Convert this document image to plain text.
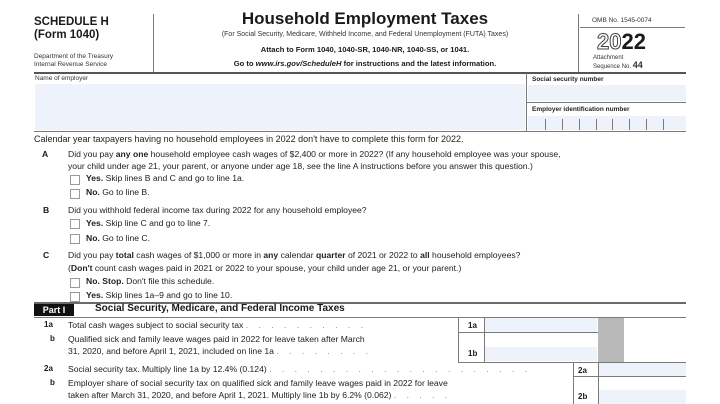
SCHEDULE H
(Form 1040)
Department of the Treasury
Internal Revenue Service
Household Employment Taxes
(For Social Security, Medicare, Withheld Income, and Federal Unemployment (FUTA) Taxes)
Attach to Form 1040, 1040-SR, 1040-NR, 1040-SS, or 1041.
Go to www.irs.gov/ScheduleH for instructions and the latest information.
OMB No. 1545-0074
2022
Attachment
Sequence No. 44
Name of employer	Social security number
Employer identification number
Calendar year taxpayers having no household employees in 2022 don't have to complete this form for 2022.
A Did you pay any one household employee cash wages of $2,400 or more in 2022? (If any household employee was your spouse,
your child under age 21, your parent, or anyone under age 18, see the line A instructions before you answer this question.)
Yes. Skip lines B and C and go to line 1a.
No. Go to line B.
B Did you withhold federal income tax during 2022 for any household employee?
Yes. Skip line C and go to line 7.
No. Go to line C.
C Did you pay total cash wages of $1,000 or more in any calendar quarter of 2021 or 2022 to all household employees?
(Don't count cash wages paid in 2021 or 2022 to your spouse, your child under age 21, or your parent.)
No. Stop. Don't file this schedule.
Yes. Skip lines 1a–9 and go to line 10.
Part I	Social Security, Medicare, and Federal Income Taxes
1a Total cash wages subject to social security tax . . . . . . . . . .	1a
b Qualified sick and family leave wages paid in 2022 for leave taken after March
31, 2020, and before April 1, 2021, included on line 1a . . . . . . . .	1b
2a Social security tax. Multiply line 1a by 12.4% (0.124) . . . . . . . . . . . . . . . . . . . . .	2a
b Employer share of social security tax on qualified sick and family leave wages paid in 2022 for leave
taken after March 31, 2020, and before April 1, 2021. Multiply line 1b by 6.2% (0.062) . . . . .	2b
